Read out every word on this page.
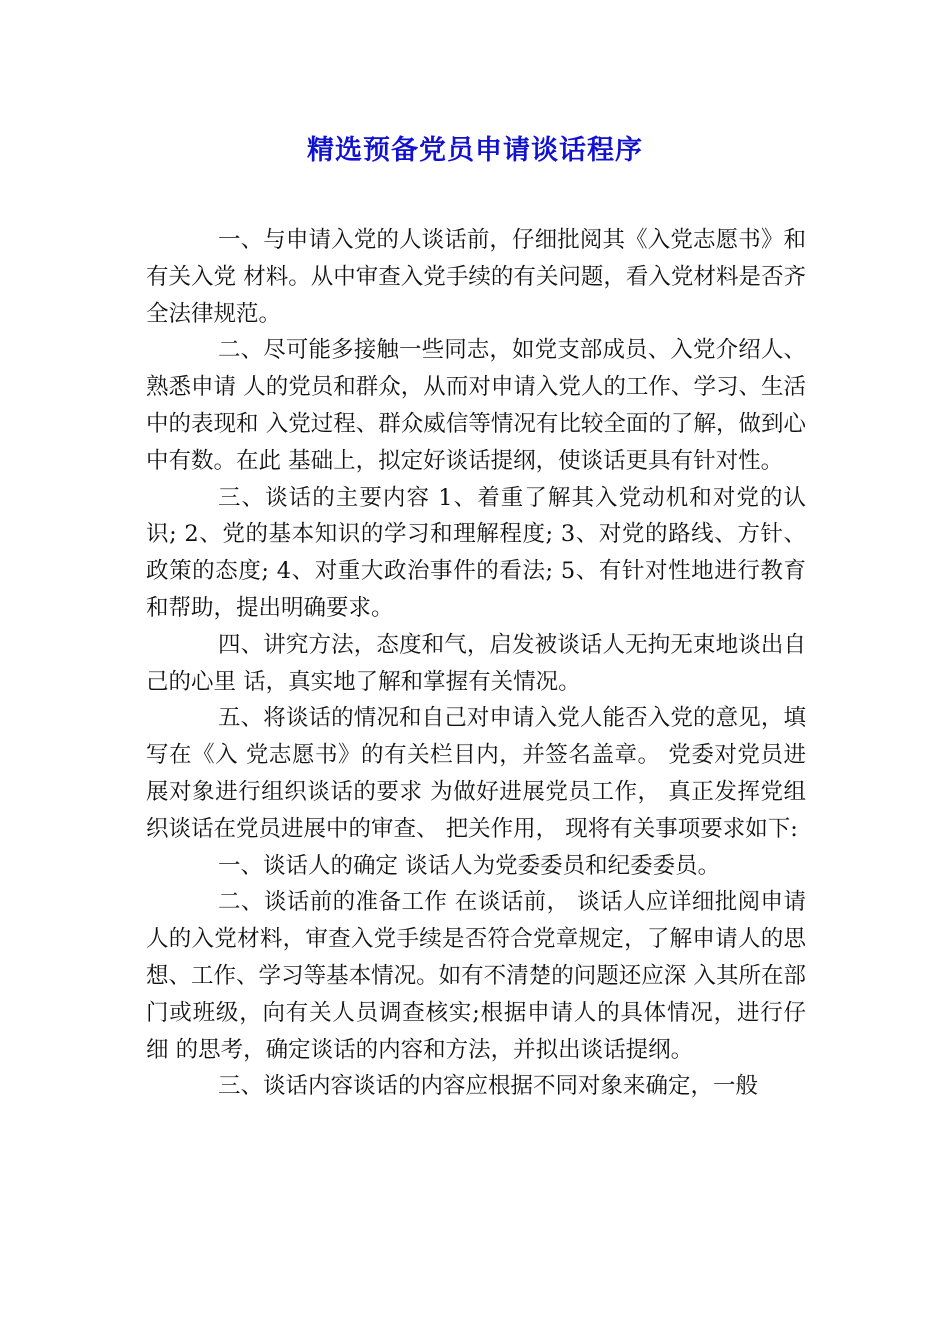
精选预备党员申请谈话程序

一、与申请入党的人谈话前，仔细批阅其《入党志愿书》和有关入党 材料。从中审查入党手续的有关问题，看入党材料是否齐全法律规范。

二、尽可能多接触一些同志，如党支部成员、入党介绍人、熟悉申请 人的党员和群众，从而对申请入党人的工作、学习、生活中的表现和 入党过程、群众威信等情况有比较全面的了解，做到心中有数。在此 基础上，拟定好谈话提纲，使谈话更具有针对性。

三、谈话的主要内容 1、着重了解其入党动机和对党的认识; 2、党的基本知识的学习和理解程度; 3、对党的路线、方针、政策的态度; 4、对重大政治事件的看法; 5、有针对性地进行教育和帮助，提出明确要求。

四、讲究方法，态度和气，启发被谈话人无拘无束地谈出自己的心里 话，真实地了解和掌握有关情况。

五、将谈话的情况和自己对申请入党人能否入党的意见，填写在《入 党志愿书》的有关栏目内，并签名盖章。 党委对党员进展对象进行组织谈话的要求 为做好进展党员工作， 真正发挥党组织谈话在党员进展中的审查、 把关作用， 现将有关事项要求如下:

一、谈话人的确定 谈话人为党委委员和纪委委员。

二、谈话前的准备工作 在谈话前， 谈话人应详细批阅申请人的入党材料，审查入党手续是否符合党章规定，了解申请人的思想、工作、学习等基本情况。如有不清楚的问题还应深 入其所在部门或班级，向有关人员调查核实;根据申请人的具体情况，进行仔细 的思考，确定谈话的内容和方法，并拟出谈话提纲。

三、谈话内容谈话的内容应根据不同对象来确定，一般
